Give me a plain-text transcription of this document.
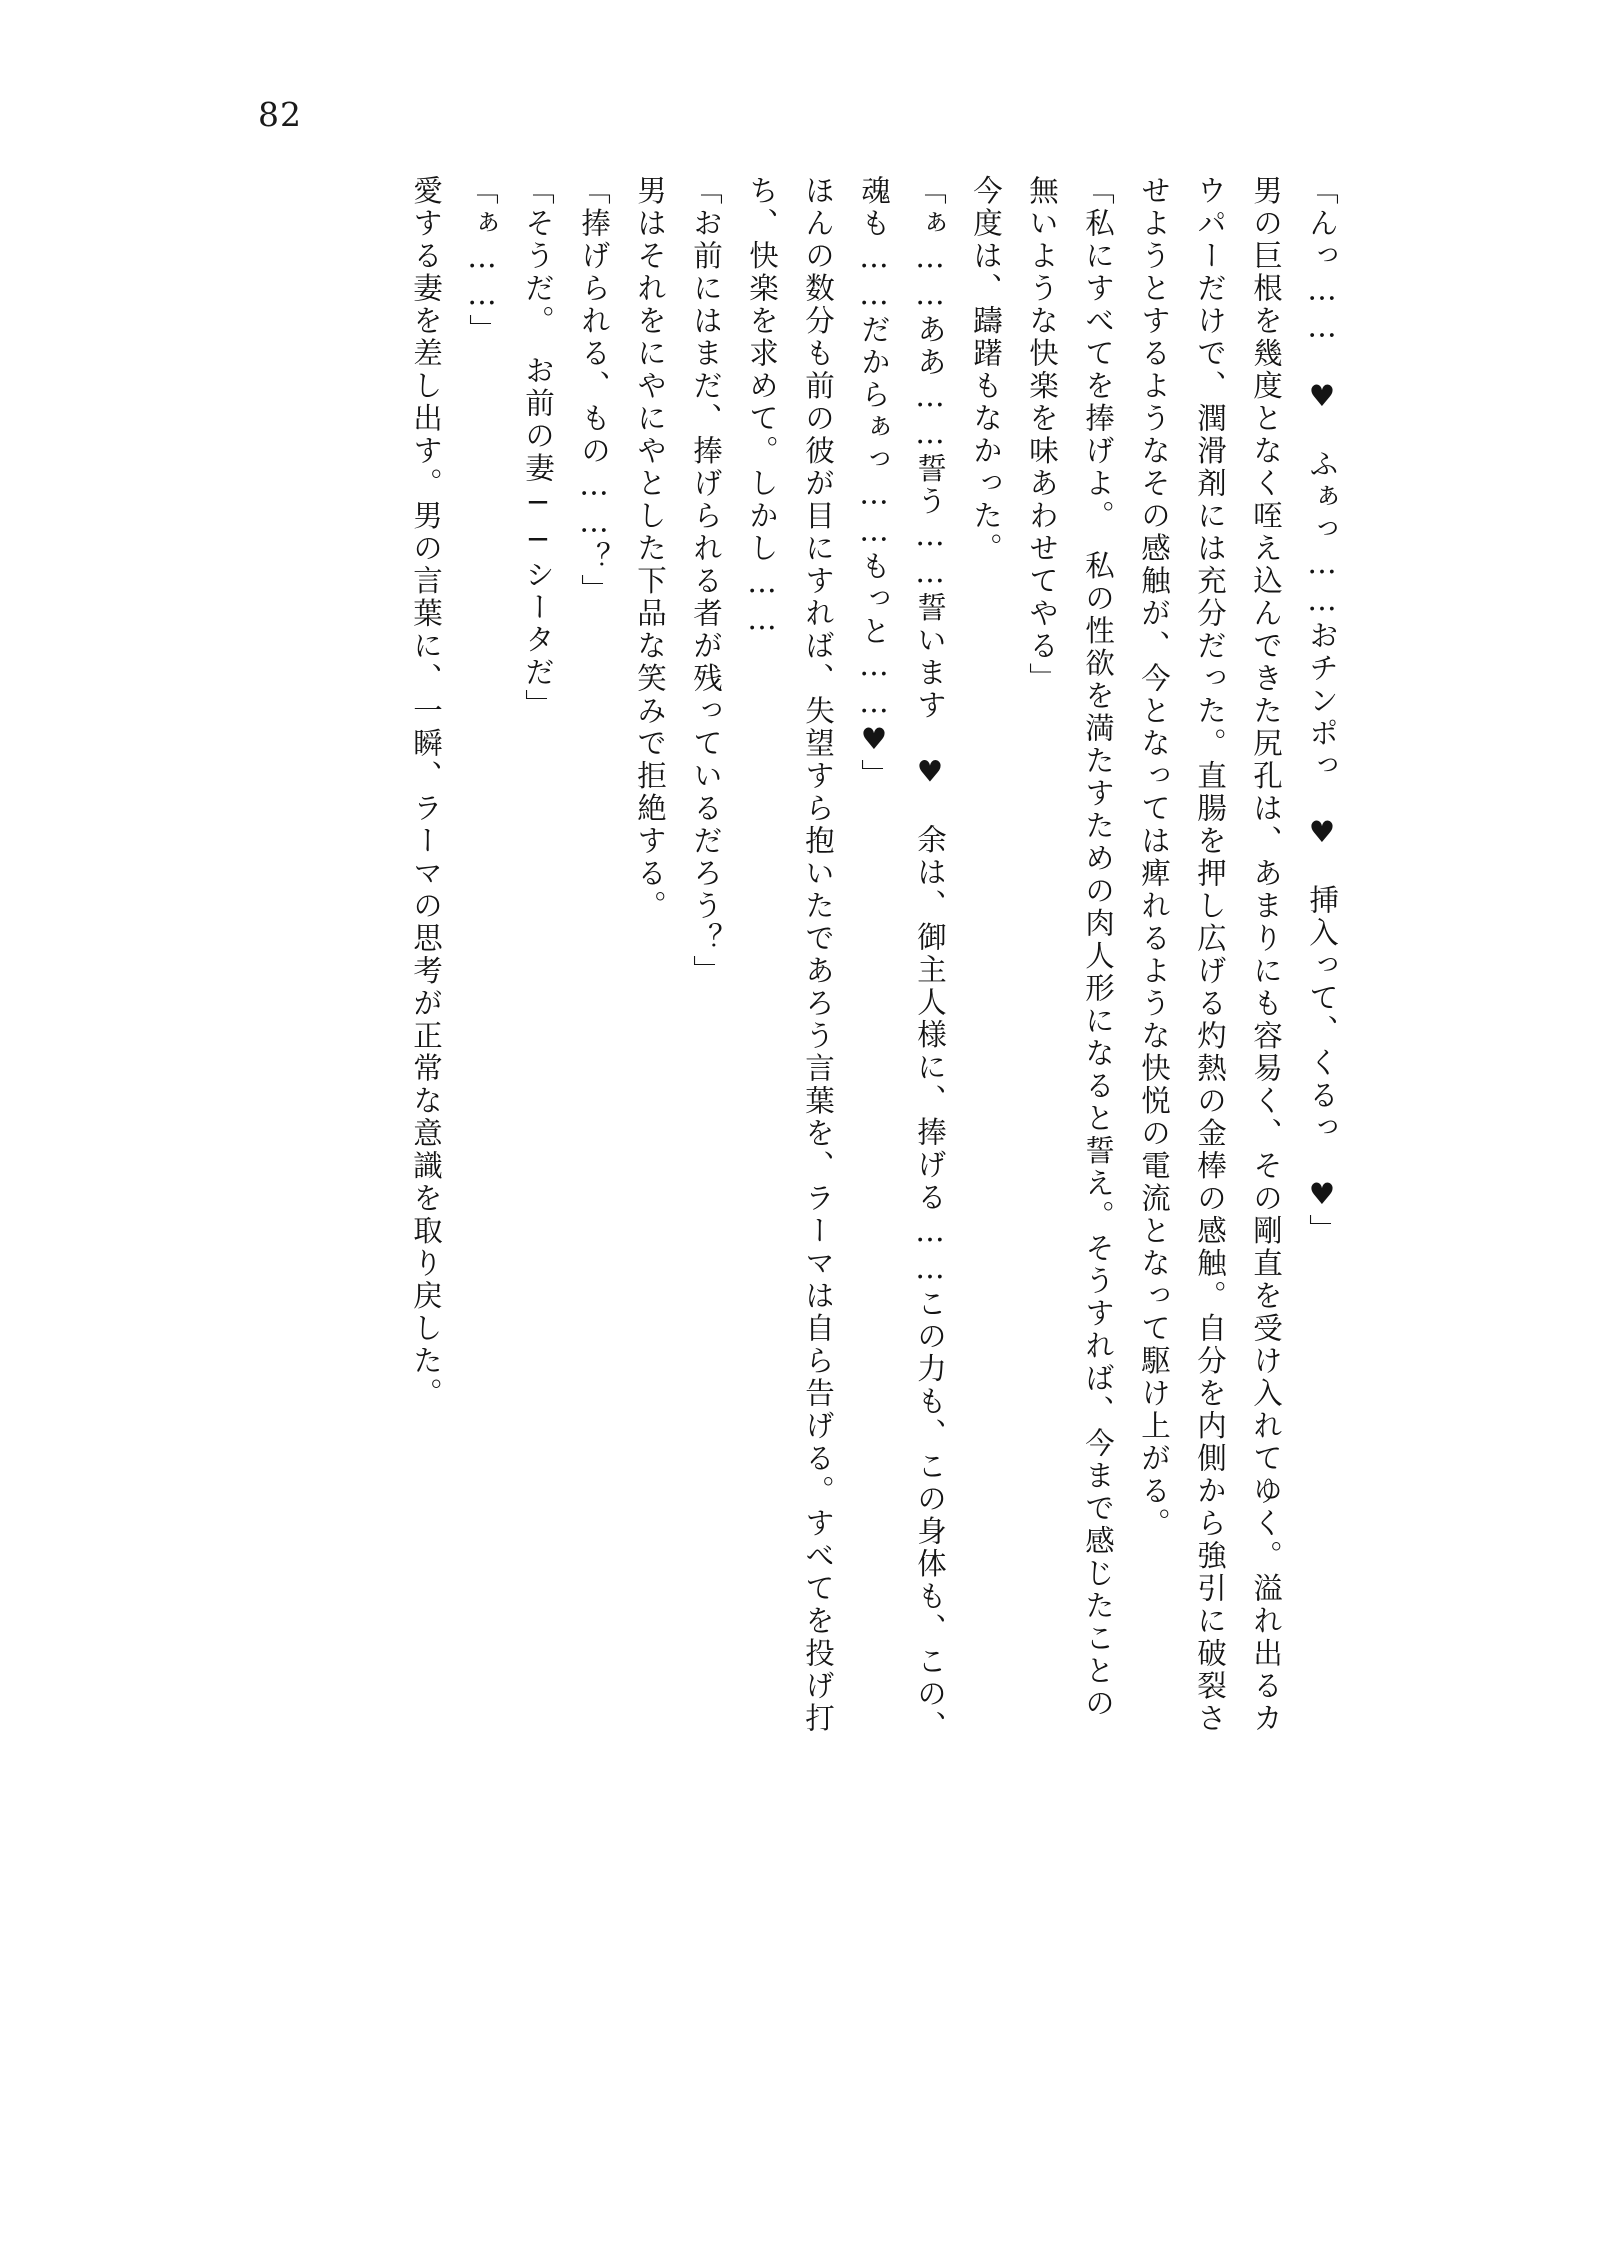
82

「んっ……　♥　ふぁっ……おチンポっ　♥　挿入って、くるっ　♥」

男の巨根を幾度となく咥え込んできた尻孔は、あまりにも容易く、その剛直を受け入れてゆく。溢れ出るカウパーだけで、潤滑剤には充分だった。直腸を押し広げる灼熱の金棒の感触。自分を内側から強引に破裂させようとするようなその感触が、今となっては痺れるような快悦の電流となって駆け上がる。

「私にすべてを捧げよ。　私の性欲を満たすための肉人形になると誓え。そうすれば、今まで感じたことの無いような快楽を味あわせてやる」

今度は、躊躇もなかった。

「ぁ……ああ……誓う……誓います　♥　余は、御主人様に、捧げる……この力も、この身体も、この、魂も……だからぁっ……もっと……♥」

ほんの数分も前の彼が目にすれば、失望すら抱いたであろう言葉を、ラーマは自ら告げる。すべてを投げ打ち、快楽を求めて。しかし……

「お前にはまだ、捧げられる者が残っているだろう？」

男はそれをにやにやとした下品な笑みで拒絶する。

「捧げられる、もの……？」

「そうだ。　お前の妻──シータだ」

「ぁ……」

愛する妻を差し出す。男の言葉に、一瞬、ラーマの思考が正常な意識を取り戻した。
